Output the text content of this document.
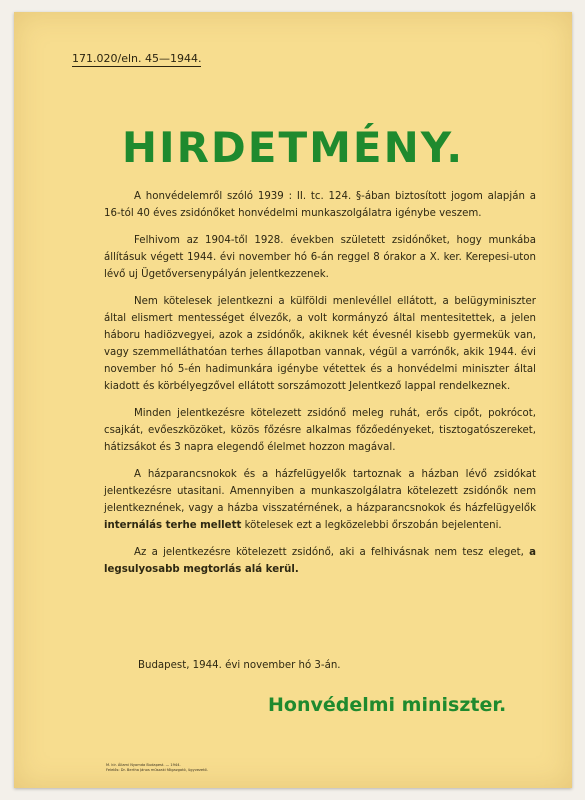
171.020/eln. 45—1944.
HIRDETMÉNY.

A honvédelemről szóló 1939 : II. tc. 124. §-ában biztosított jogom alapján a 16-tól 40 éves zsidónőket honvédelmi munkaszolgálatra igénybe veszem.

Felhivom az 1904-től 1928. években született zsidónőket, hogy munkába állításuk végett 1944. évi november hó 6-án reggel 8 órakor a X. ker. Kerepesi-uton lévő uj Ügetőversenypályán jelentkezzenek.

Nem kötelesek jelentkezni a külföldi menlevéllel ellátott, a belügyminiszter által elismert mentességet élvezők, a volt kormányzó által mentesitettek, a jelen háboru hadiözvegyei, azok a zsidónők, akiknek két évesnél kisebb gyermekük van, vagy szemmelláthatóan terhes állapotban vannak, végül a varrónők, akik 1944. évi november hó 5-én hadimunkára igénybe vétettek és a honvédelmi miniszter által kiadott és körbélyegzővel ellátott sorszámozott Jelentkező lappal rendelkeznek.

Minden jelentkezésre kötelezett zsidónő meleg ruhát, erős cipőt, pokrócot, csajkát, evőeszközöket, közös főzésre alkalmas főzőedényeket, tisztogatószereket, hátizsákot és 3 napra elegendő élelmet hozzon magával.

A házparancsnokok és a házfelügyelők tartoznak a házban lévő zsidókat jelentkezésre utasitani. Amennyiben a munkaszolgálatra kötelezett zsidónők nem jelentkeznének, vagy a házba visszatérnének, a házparancsnokok és házfelügyelők internálás terhe mellett kötelesek ezt a legközelebbi őrszobán bejelenteni.

Az a jelentkezésre kötelezett zsidónő, aki a felhivásnak nem tesz eleget, a legsulyosabb megtorlás alá kerül.

Budapest, 1944. évi november hó 3-án.
Honvédelmi miniszter.
M. kir. Állami Nyomda Budapest. — 1944.
Felelős: Dr. Bertha János műszaki főigazgató, ügyvezető.
